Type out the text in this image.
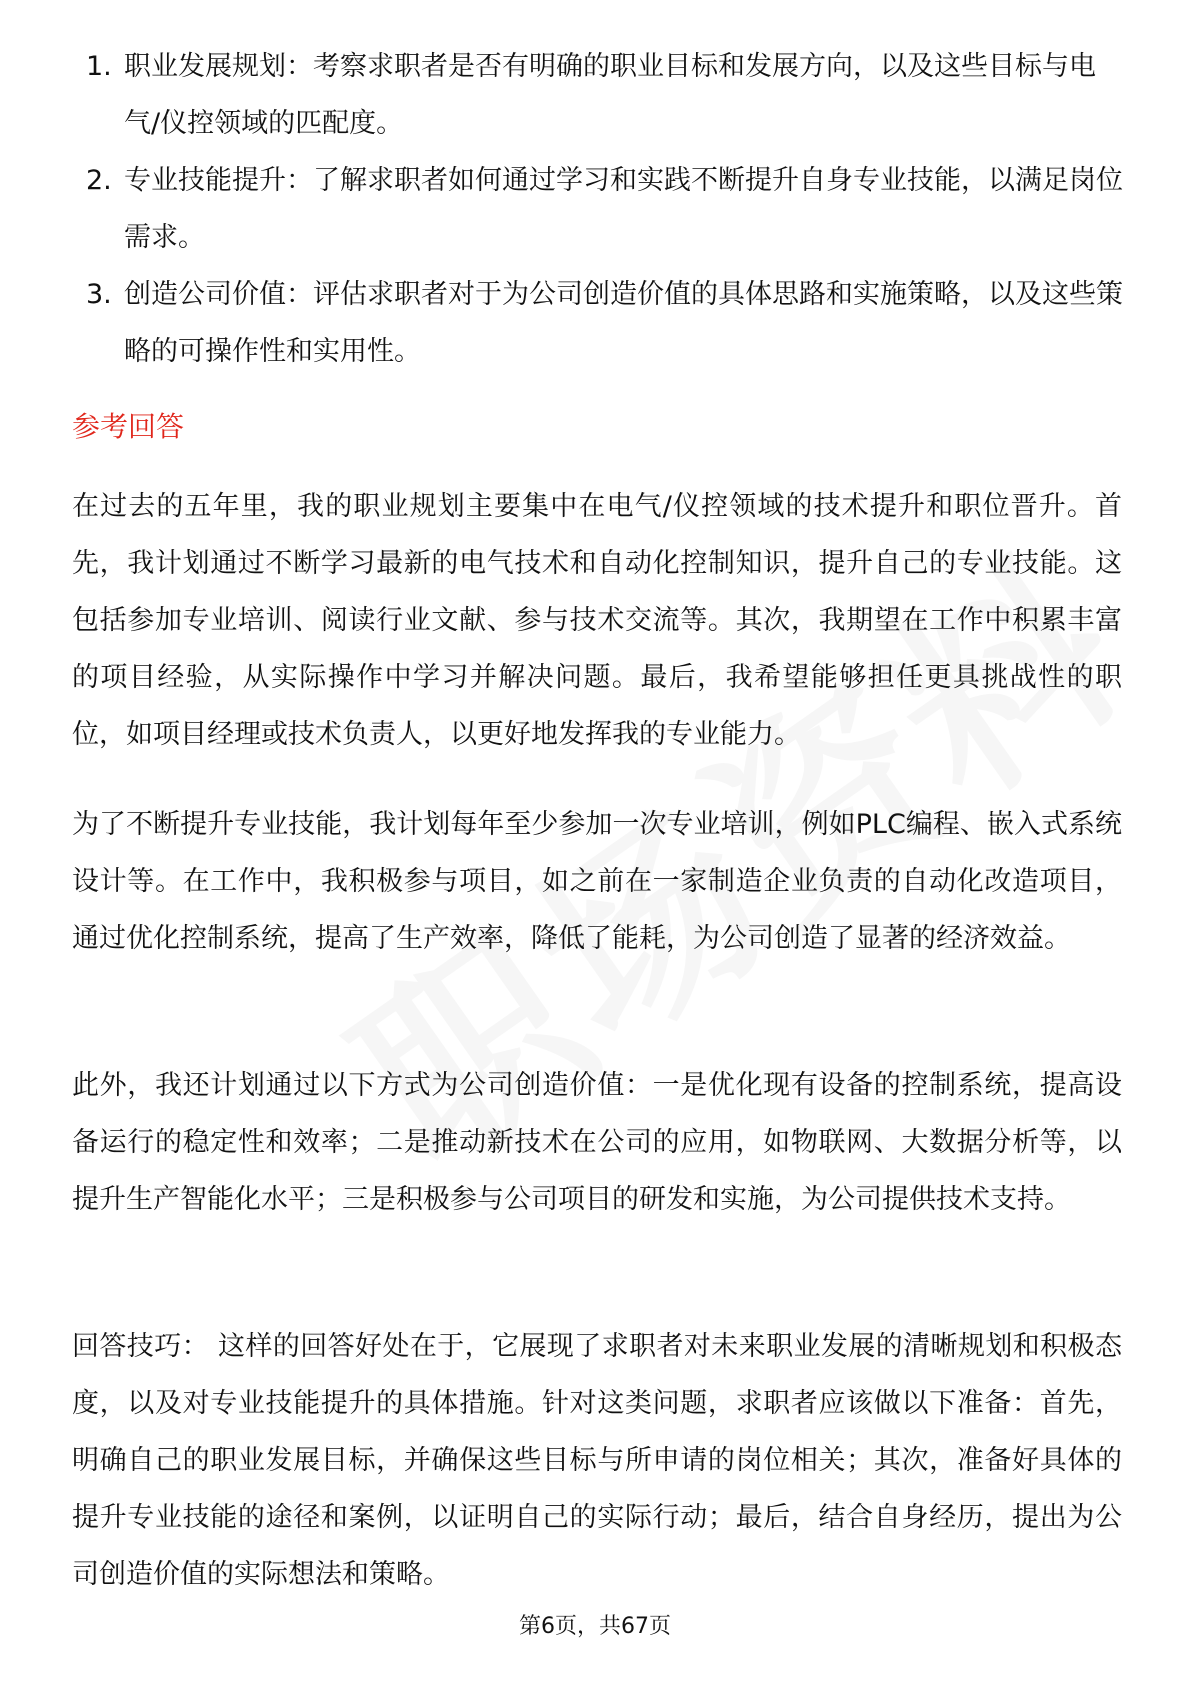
1. 职业发展规划：考察求职者是否有明确的职业目标和发展方向，以及这些目标与电气/仪控领域的匹配度。
2. 专业技能提升：了解求职者如何通过学习和实践不断提升自身专业技能，以满足岗位需求。
3. 创造公司价值：评估求职者对于为公司创造价值的具体思路和实施策略，以及这些策略的可操作性和实用性。
参考回答

在过去的五年里，我的职业规划主要集中在电气/仪控领域的技术提升和职位晋升。首先，我计划通过不断学习最新的电气技术和自动化控制知识，提升自己的专业技能。这包括参加专业培训、阅读行业文献、参与技术交流等。其次，我期望在工作中积累丰富的项目经验，从实际操作中学习并解决问题。最后，我希望能够担任更具挑战性的职位，如项目经理或技术负责人，以更好地发挥我的专业能力。

为了不断提升专业技能，我计划每年至少参加一次专业培训，例如PLC编程、嵌入式系统设计等。在工作中，我积极参与项目，如之前在一家制造企业负责的自动化改造项目，通过优化控制系统，提高了生产效率，降低了能耗，为公司创造了显著的经济效益。

此外，我还计划通过以下方式为公司创造价值：一是优化现有设备的控制系统，提高设备运行的稳定性和效率；二是推动新技术在公司的应用，如物联网、大数据分析等，以提升生产智能化水平；三是积极参与公司项目的研发和实施，为公司提供技术支持。

回答技巧： 这样的回答好处在于，它展现了求职者对未来职业发展的清晰规划和积极态度，以及对专业技能提升的具体措施。针对这类问题，求职者应该做以下准备：首先，明确自己的职业发展目标，并确保这些目标与所申请的岗位相关；其次，准备好具体的提升专业技能的途径和案例，以证明自己的实际行动；最后，结合自身经历，提出为公司创造价值的实际想法和策略。

第6页，共67页
